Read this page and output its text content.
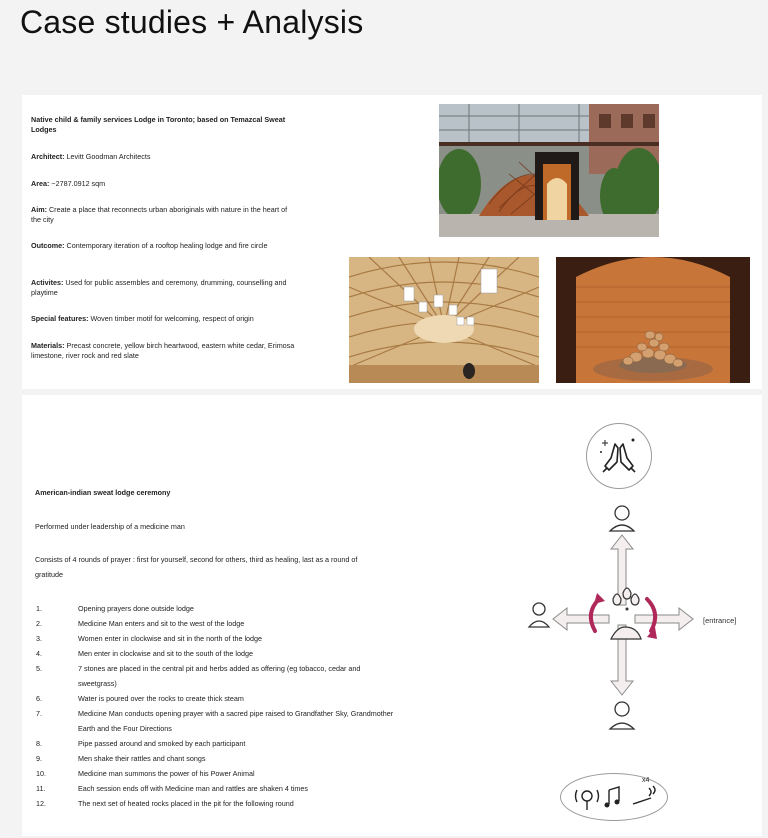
Case studies + Analysis
Native child & family services Lodge in Toronto; based on Temazcal Sweat Lodges
Architect: Levitt Goodman Architects
Area: ~2787.0912 sqm
Aim: Create a place that reconnects urban aboriginals with nature in the heart of the city
Outcome: Contemporary iteration of a rooftop healing lodge and fire circle
Activites: Used for public assembles and ceremony, drumming, counselling and playtime
Special features: Woven timber motif for welcoming, respect of origin
Materials: Precast concrete, yellow birch heartwood, eastern white cedar, Erimosa limestone, river rock and red slate
American-indian sweat lodge ceremony
Performed under leadership of a medicine man
Consists of 4 rounds of prayer : first for yourself, second for others, third as healing, last as a round of gratitude
1.	Opening prayers done outside lodge
2.	Medicine Man enters and sit to the west of the lodge
3.	Women enter in clockwise and sit in the north of the lodge
4.	Men enter in clockwise and sit to the south of the lodge
5.	7 stones are placed in the central pit and herbs added as offering (eg tobacco, cedar and sweetgrass)
6.	Water is poured over the rocks to create thick steam
7.	Medicine Man conducts opening prayer with a sacred pipe raised to Grandfather Sky, Grandmother Earth and the Four Directions
8.	Pipe passed around and smoked by each participant
9.	Men shake their rattles and chant songs
10.	Medicine man summons the power of his Power Animal
11.	Each session ends off with Medicine man and rattles are shaken 4 times
12.	The next set of heated rocks placed in the pit for the following round
[entrance]
x4
